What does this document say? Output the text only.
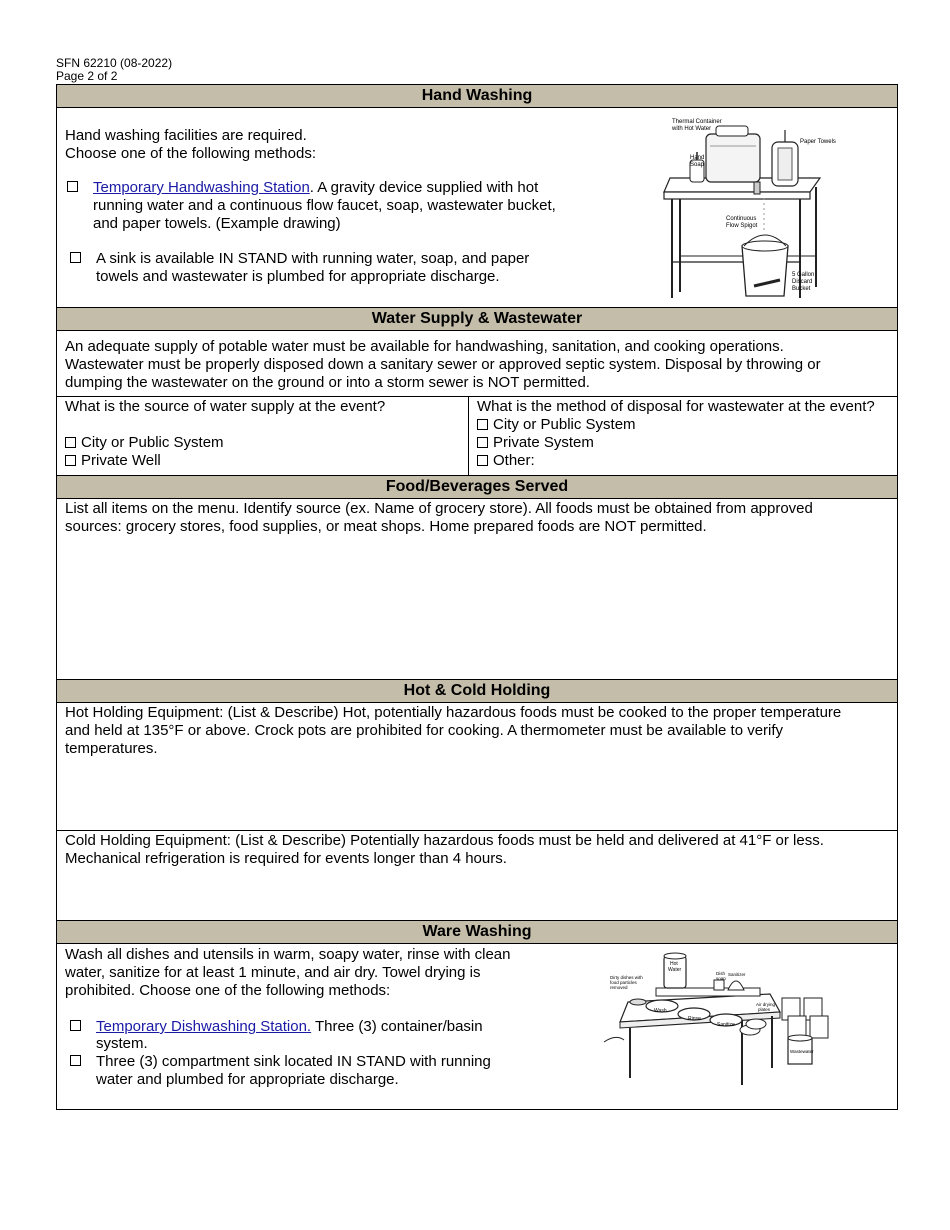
SFN 62210 (08-2022)
Page 2 of 2
Hand Washing
Hand washing facilities are required.
Choose one of the following methods:
Temporary Handwashing Station. A gravity device supplied with hot
running water and a continuous flow faucet, soap, wastewater bucket,
and paper towels. (Example drawing)
A sink is available IN STAND with running water, soap, and paper
towels and wastewater is plumbed for appropriate discharge.
Thermal Container
with Hot Water
Paper Towels
Hand
Soap
Continuous
Flow Spigot
5 Gallon
Discard
Bucket
Water Supply & Wastewater
An adequate supply of potable water must be available for handwashing, sanitation, and cooking operations.
Wastewater must be properly disposed down a sanitary sewer or approved septic system. Disposal by throwing or
dumping the wastewater on the ground or into a storm sewer is NOT permitted.
What is the source of water supply at the event?
City or Public System
Private Well
What is the method of disposal for wastewater at the event?
City or Public System
Private System
Other:
Food/Beverages Served
List all items on the menu. Identify source (ex. Name of grocery store). All foods must be obtained from approved
sources: grocery stores, food supplies, or meat shops. Home prepared foods are NOT permitted.
Hot & Cold Holding
Hot Holding Equipment: (List & Describe) Hot, potentially hazardous foods must be cooked to the proper temperature
and held at 135°F or above. Crock pots are prohibited for cooking. A thermometer must be available to verify
temperatures.
Cold Holding Equipment: (List & Describe) Potentially hazardous foods must be held and delivered at 41°F or less.
Mechanical refrigeration is required for events longer than 4 hours.
Ware Washing
Wash all dishes and utensils in warm, soapy water, rinse with clean
water, sanitize for at least 1 minute, and air dry. Towel drying is
prohibited. Choose one of the following methods:
Temporary Dishwashing Station. Three (3) container/basin
system.
Three (3) compartment sink located IN STAND with running
water and plumbed for appropriate discharge.
Hot
Water
Dirty dishes with
food particles
removed
Dish
soap
Sanitizer
Wash
Rinse
Sanitize
Air drying
plates
Wastewater
